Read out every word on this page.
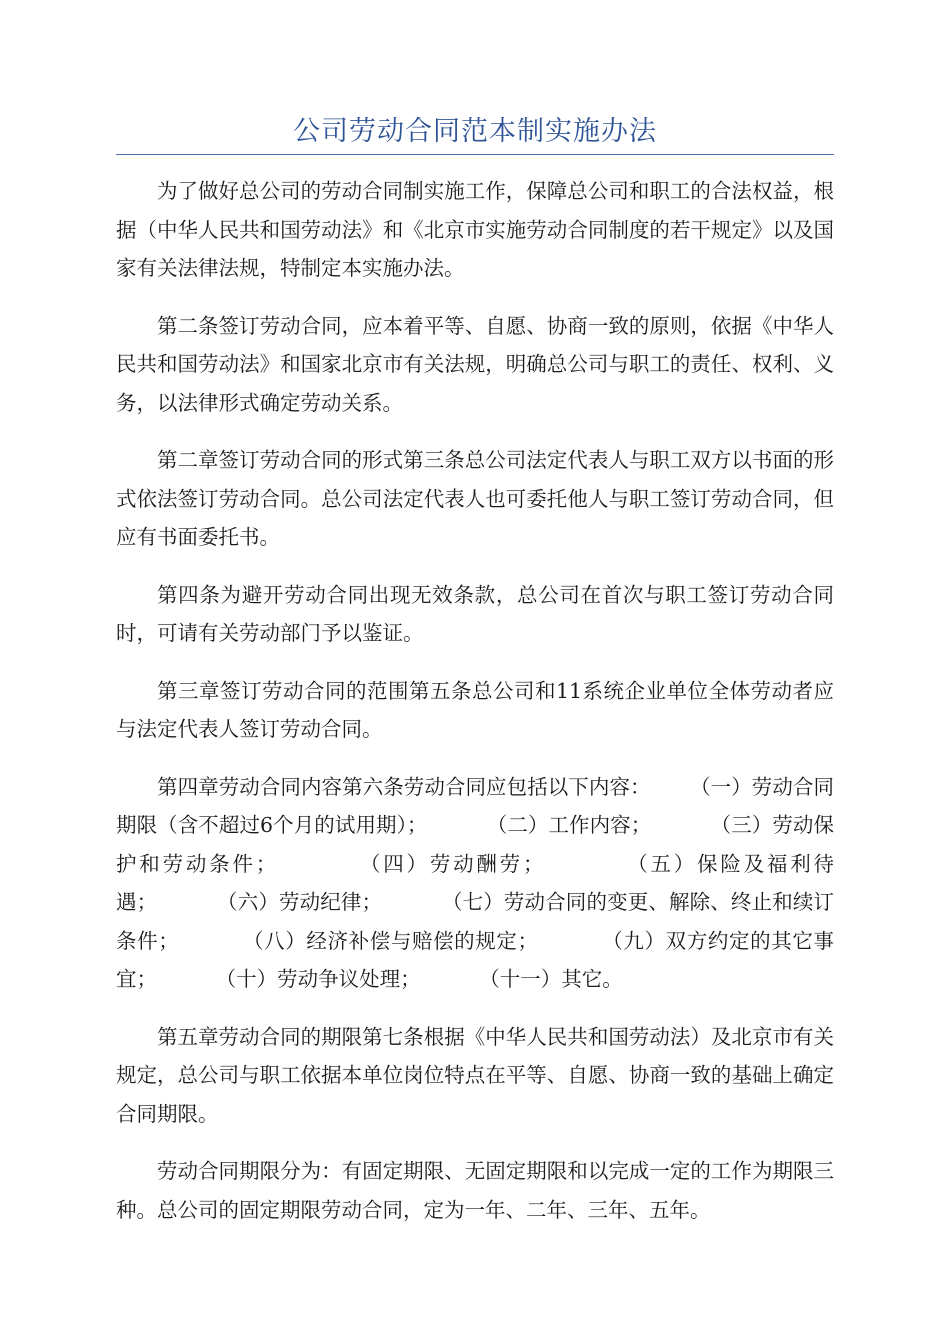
公司劳动合同范本制实施办法

为了做好总公司的劳动合同制实施工作，保障总公司和职工的合法权益，根据（中华人民共和国劳动法》和《北京市实施劳动合同制度的若干规定》以及国家有关法律法规，特制定本实施办法。

第二条签订劳动合同，应本着平等、自愿、协商一致的原则，依据《中华人民共和国劳动法》和国家北京市有关法规，明确总公司与职工的责任、权利、义务，以法律形式确定劳动关系。

第二章签订劳动合同的形式第三条总公司法定代表人与职工双方以书面的形式依法签订劳动合同。总公司法定代表人也可委托他人与职工签订劳动合同，但应有书面委托书。

第四条为避开劳动合同出现无效条款，总公司在首次与职工签订劳动合同时，可请有关劳动部门予以鉴证。

第三章签订劳动合同的范围第五条总公司和11系统企业单位全体劳动者应与法定代表人签订劳动合同。

第四章劳动合同内容第六条劳动合同应包括以下内容：      （一）劳动合同期限（含不超过6个月的试用期）；         （二）工作内容；         （三）劳动保护和劳动条件；         （四）劳动酬劳；         （五）保险及福利待遇；         （六）劳动纪律；         （七）劳动合同的变更、解除、终止和续订条件；         （八）经济补偿与赔偿的规定；         （九）双方约定的其它事宜；         （十）劳动争议处理；         （十一）其它。

第五章劳动合同的期限第七条根据《中华人民共和国劳动法）及北京市有关规定，总公司与职工依据本单位岗位特点在平等、自愿、协商一致的基础上确定合同期限。

劳动合同期限分为：有固定期限、无固定期限和以完成一定的工作为期限三种。总公司的固定期限劳动合同，定为一年、二年、三年、五年。
